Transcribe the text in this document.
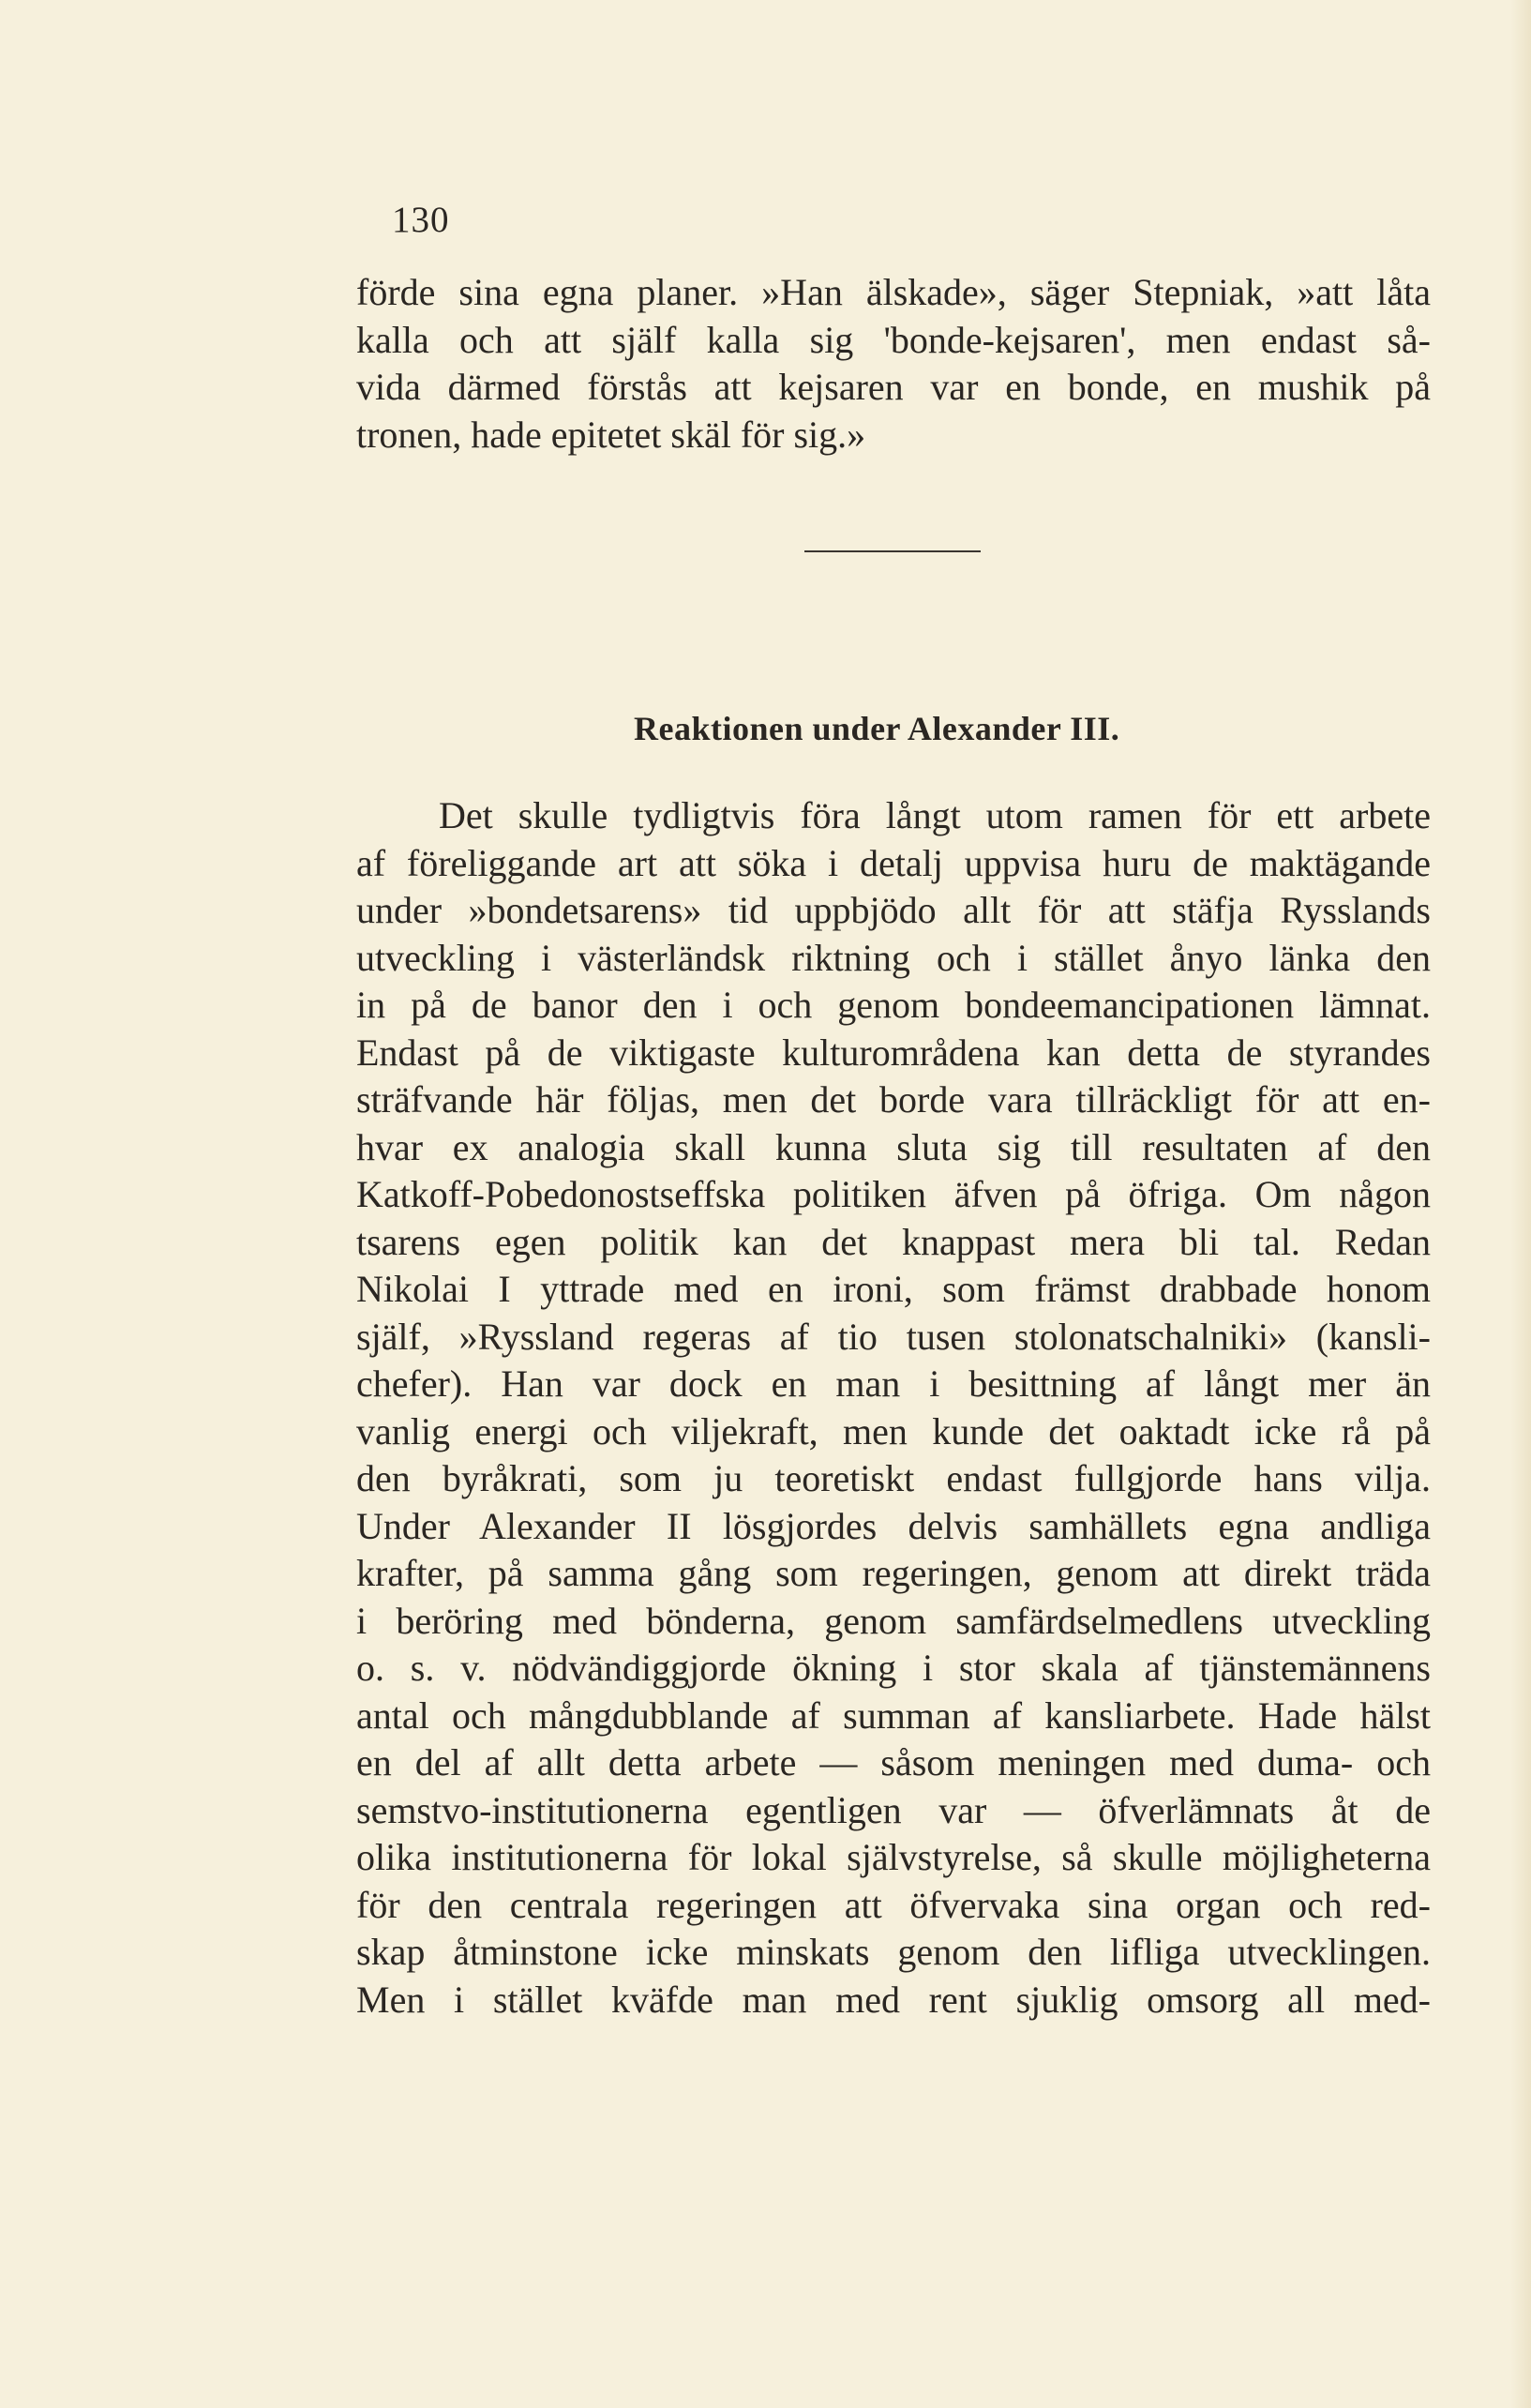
130
förde sina egna planer. »Han älskade», säger Stepniak, »att låta
kalla och att själf kalla sig 'bonde-kejsaren', men endast så-
vida därmed förstås att kejsaren var en bonde, en mushik på
tronen, hade epitetet skäl för sig.»
Reaktionen under Alexander III.
Det skulle tydligtvis föra långt utom ramen för ett arbete
af föreliggande art att söka i detalj uppvisa huru de maktägande
under »bondetsarens» tid uppbjödo allt för att stäfja Rysslands
utveckling i västerländsk riktning och i stället ånyo länka den
in på de banor den i och genom bondeemancipationen lämnat.
Endast på de viktigaste kulturområdena kan detta de styrandes
sträfvande här följas, men det borde vara tillräckligt för att en-
hvar ex analogia skall kunna sluta sig till resultaten af den
Katkoff-Pobedonostseffska politiken äfven på öfriga. Om någon
tsarens egen politik kan det knappast mera bli tal. Redan
Nikolai I yttrade med en ironi, som främst drabbade honom
själf, »Ryssland regeras af tio tusen stolonatschalniki» (kansli-
chefer). Han var dock en man i besittning af långt mer än
vanlig energi och viljekraft, men kunde det oaktadt icke rå på
den byråkrati, som ju teoretiskt endast fullgjorde hans vilja.
Under Alexander II lösgjordes delvis samhällets egna andliga
krafter, på samma gång som regeringen, genom att direkt träda
i beröring med bönderna, genom samfärdselmedlens utveckling
o. s. v. nödvändiggjorde ökning i stor skala af tjänstemännens
antal och mångdubblande af summan af kansliarbete. Hade hälst
en del af allt detta arbete — såsom meningen med duma- och
semstvo-institutionerna egentligen var — öfverlämnats åt de
olika institutionerna för lokal självstyrelse, så skulle möjligheterna
för den centrala regeringen att öfvervaka sina organ och red-
skap åtminstone icke minskats genom den lifliga utvecklingen.
Men i stället kväfde man med rent sjuklig omsorg all med-
